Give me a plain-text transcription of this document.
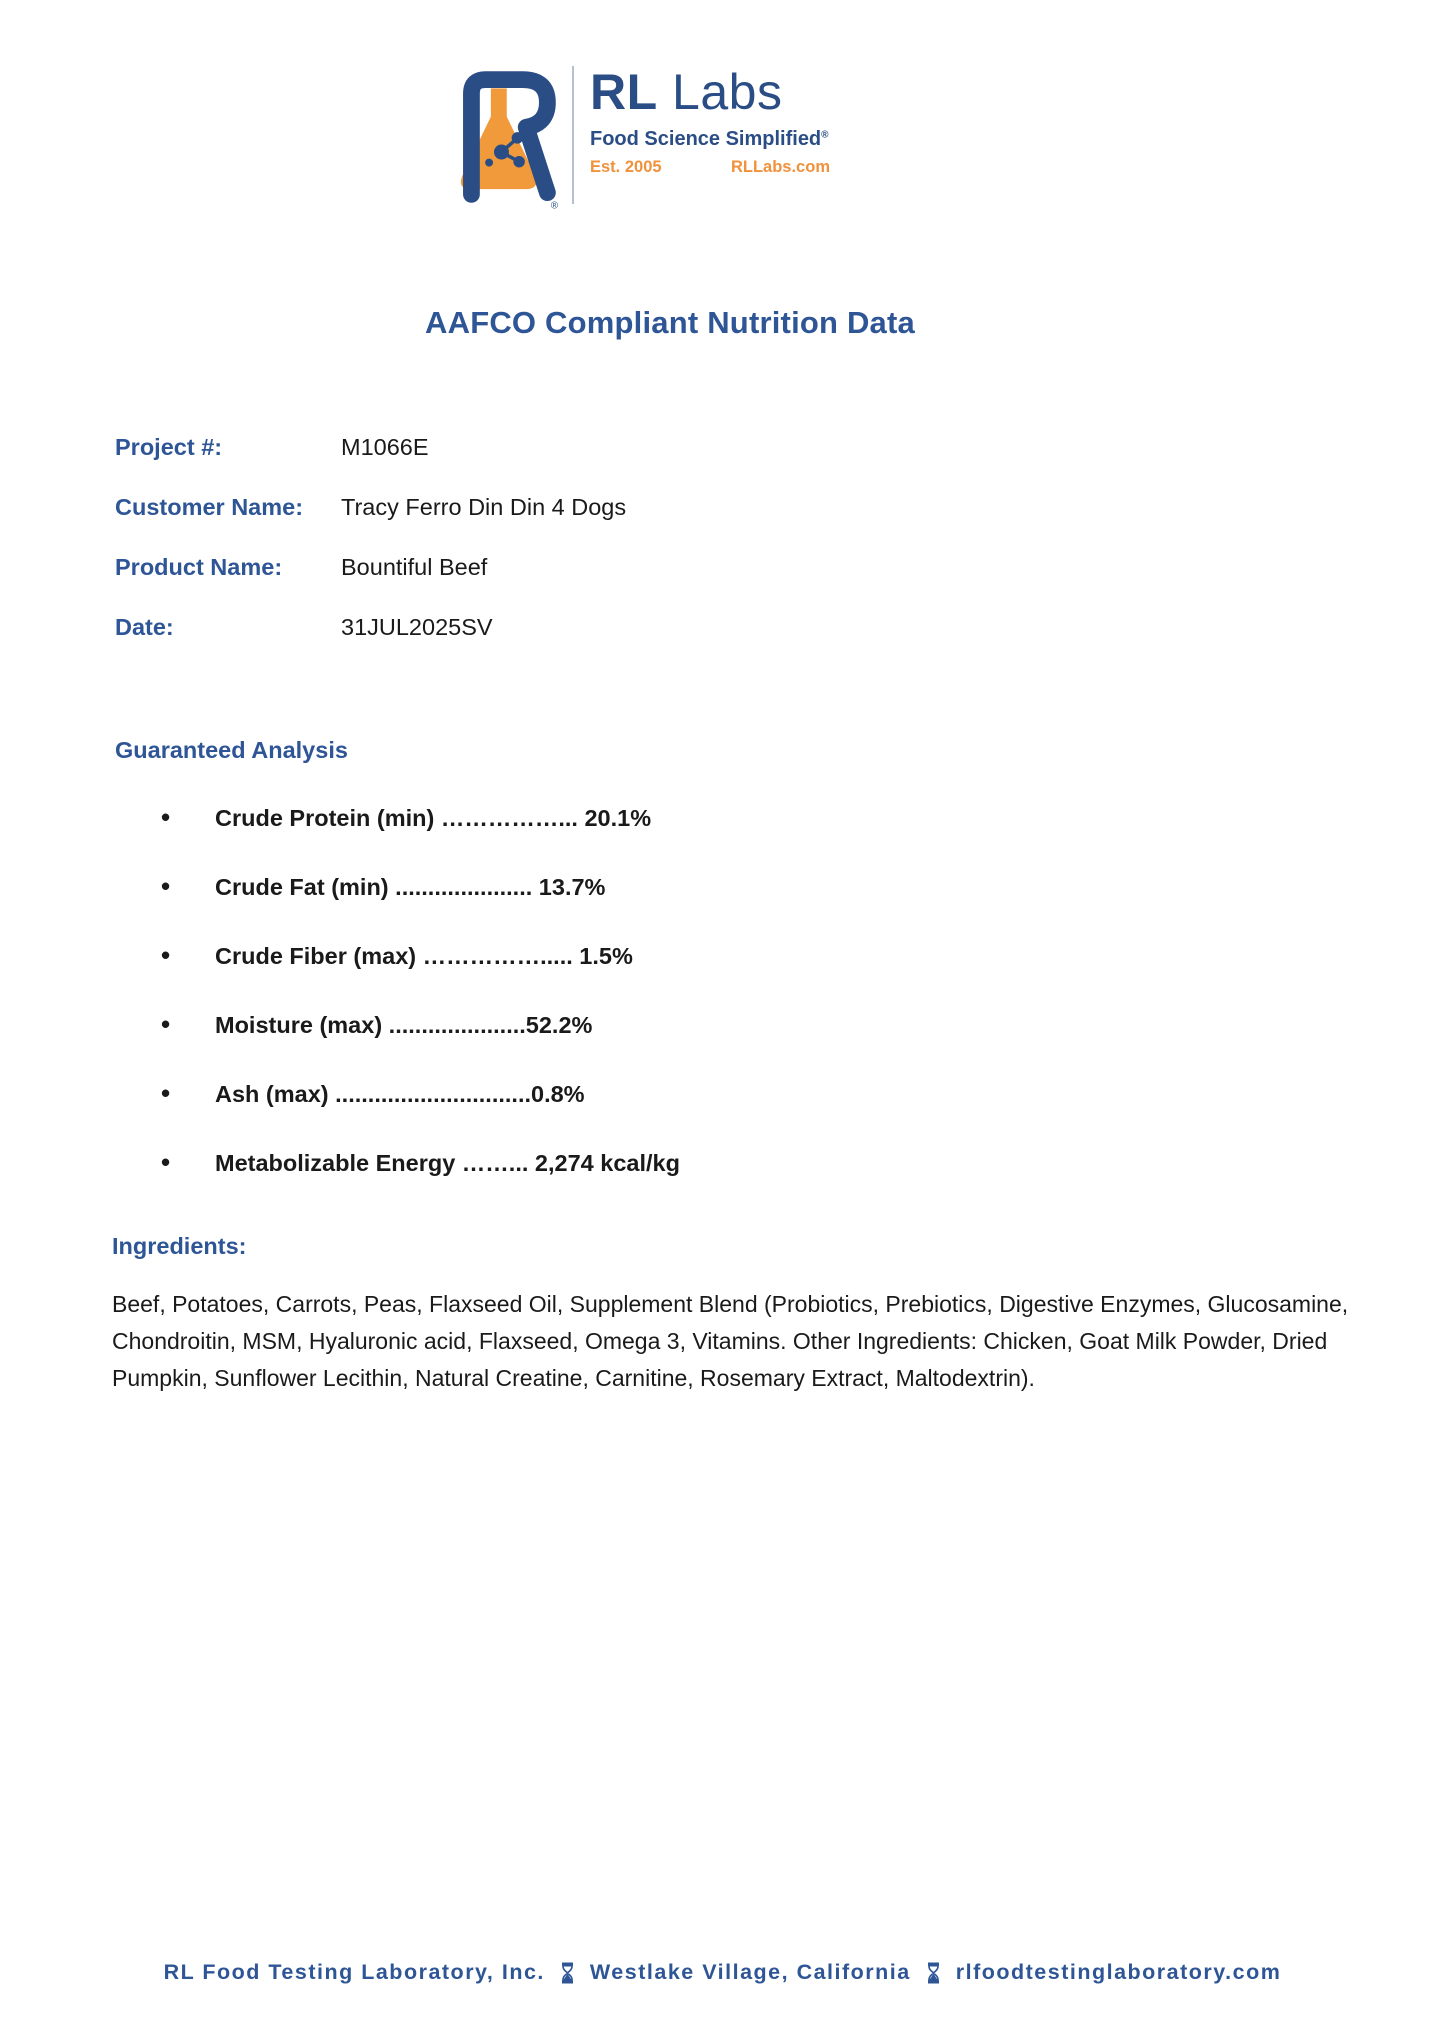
®
RL Labs
Food Science Simplified®
Est. 2005	RLLabs.com
AAFCO Compliant Nutrition Data
Project #:	M1066E
Customer Name:	Tracy Ferro Din Din 4 Dogs
Product Name:	Bountiful Beef
Date:	31JUL2025SV
Guaranteed Analysis
• Crude Protein (min) ……………... 20.1%
• Crude Fat (min) ..................... 13.7%
• Crude Fiber (max) ……………..... 1.5%
• Moisture (max) .....................52.2%
• Ash (max) ..............................0.8%
• Metabolizable Energy ……... 2,274 kcal/kg
Ingredients:

Beef, Potatoes, Carrots, Peas, Flaxseed Oil, Supplement Blend (Probiotics, Prebiotics, Digestive Enzymes, Glucosamine, Chondroitin, MSM, Hyaluronic acid, Flaxseed, Omega 3, Vitamins. Other Ingredients: Chicken, Goat Milk Powder, Dried Pumpkin, Sunflower Lecithin, Natural Creatine, Carnitine, Rosemary Extract, Maltodextrin).

RL Food Testing Laboratory, Inc. Westlake Village, California rlfoodtestinglaboratory.com
